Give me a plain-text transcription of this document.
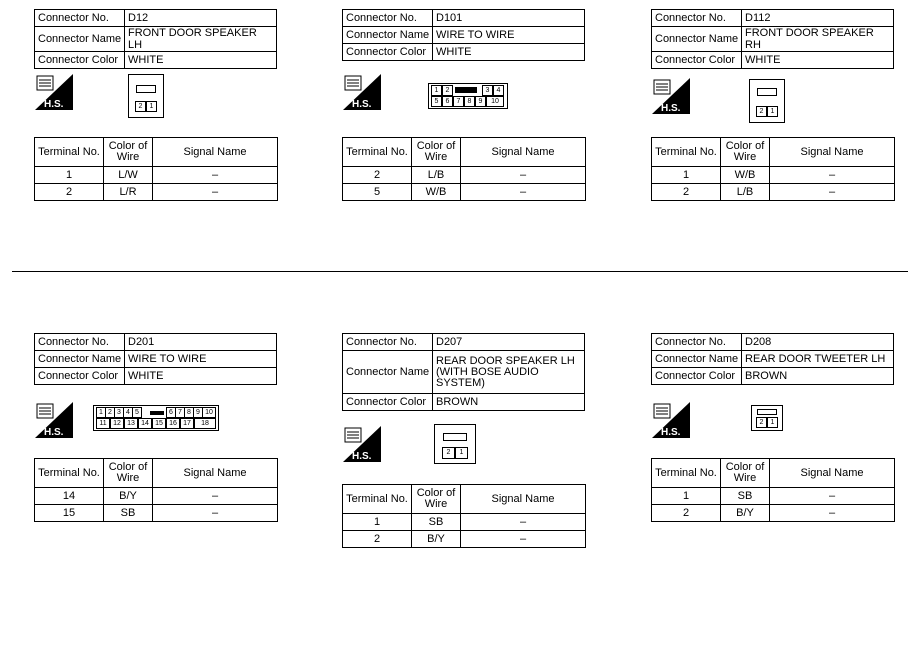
Connector No.	D12
Connector Name	FRONT DOOR SPEAKER LH
Connector Color	WHITE
H.S.	2	1
Terminal No.	Color of Wire	Signal Name
1	L/W	–
2	L/R	–
Connector No.	D101
Connector Name	WIRE TO WIRE
Connector Color	WHITE
H.S.
1	2	3	4
5	6	7	8	9	10
Terminal No.	Color of Wire	Signal Name
2	L/B	–
5	W/B	–
Connector No.	D112
Connector Name	FRONT DOOR SPEAKER RH
Connector Color	WHITE
H.S.	2	1
Terminal No.	Color of Wire	Signal Name
1	W/B	–
2	L/B	–
Connector No.	D201
Connector Name	WIRE TO WIRE
Connector Color	WHITE
H.S.
1 2 3 4 5	6 7 8 9 10
11 12 13 14 15 16 17	18
Terminal No.	Color of Wire	Signal Name
14	B/Y	–
15	SB	–
Connector No.	D207
Connector Name	REAR DOOR SPEAKER LH
(WITH BOSE AUDIO
SYSTEM)

Connector Color	BROWN
H.S.	2	1
Terminal No.	Color of Wire	Signal Name
1	SB	–
2	B/Y	–
Connector No.	D208
Connector Name	REAR DOOR TWEETER LH
Connector Color	BROWN
H.S.
2	1
Terminal No.	Color of Wire	Signal Name
1	SB	–
2	B/Y	–
